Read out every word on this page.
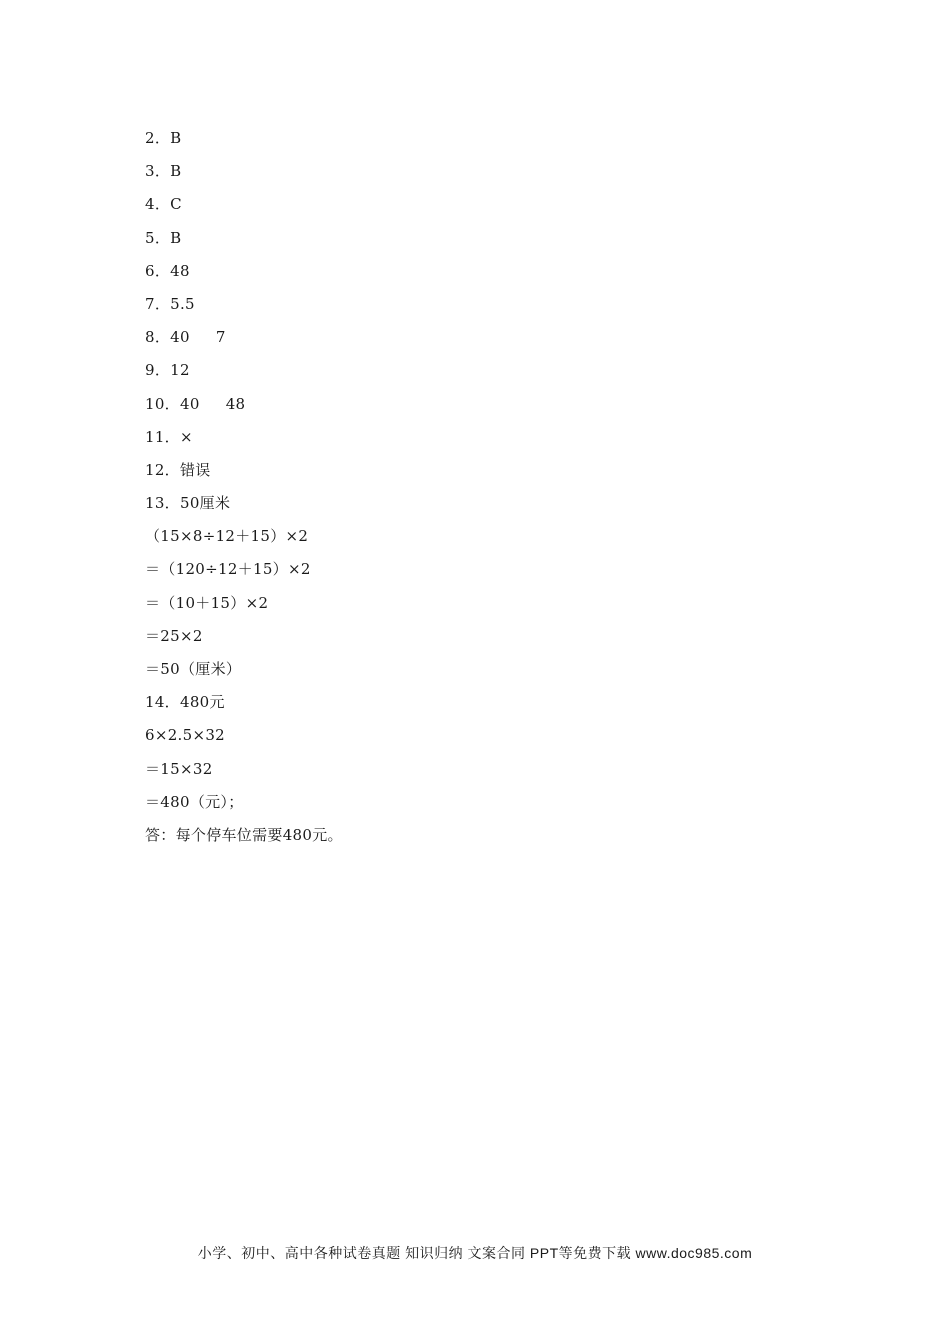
2．B
3．B
4．C
5．B
6．48
7．5.5
8．40 7
9．12
10．40 48
11．×
12．错误
13．50厘米
（15×8÷12＋15）×2
＝（120÷12＋15）×2
＝（10＋15）×2
＝25×2
＝50（厘米）
14．480元
6×2.5×32
＝15×32
＝480（元）；
答：每个停车位需要480元。
小学、初中、高中各种试卷真题 知识归纳 文案合同 PPT等免费下载 www.doc985.com
